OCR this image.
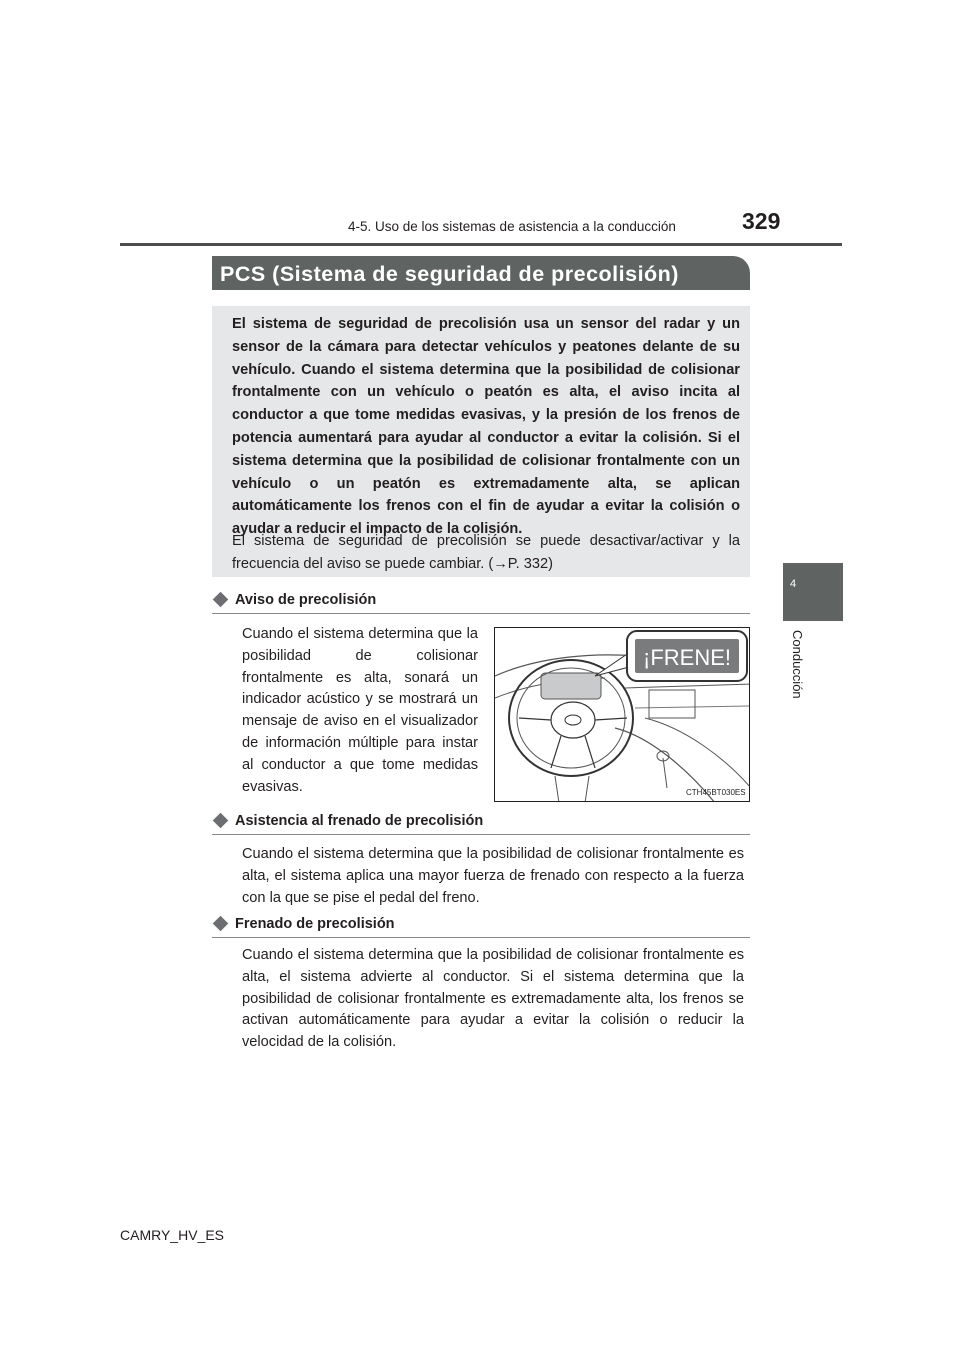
4-5. Uso de los sistemas de asistencia a la conducción	329
4
Conducción
PCS (Sistema de seguridad de precolisión)
El sistema de seguridad de precolisión usa un sensor del radar y un sensor de la cámara para detectar vehículos y peatones delante de su vehículo. Cuando el sistema determina que la posibilidad de colisionar frontalmente con un vehículo o peatón es alta, el aviso incita al conductor a que tome medidas evasivas, y la presión de los frenos de potencia aumentará para ayudar al conductor a evitar la colisión. Si el sistema determina que la posibilidad de colisionar frontalmente con un vehículo o un peatón es extremadamente alta, se aplican automáticamente los frenos con el fin de ayudar a evitar la colisión o ayudar a reducir el impacto de la colisión.
El sistema de seguridad de precolisión se puede desactivar/activar y la frecuencia del aviso se puede cambiar. (→P. 332)
Aviso de precolisión
Cuando el sistema determina que la posibilidad de colisionar frontalmente es alta, sonará un indicador acústico y se mostrará un mensaje de aviso en el visualizador de información múltiple para instar al conductor a que tome medidas evasivas.
¡FRENE!
CTH45BT030ES
Asistencia al frenado de precolisión
Cuando el sistema determina que la posibilidad de colisionar frontalmente es alta, el sistema aplica una mayor fuerza de frenado con respecto a la fuerza con la que se pise el pedal del freno.
Frenado de precolisión
Cuando el sistema determina que la posibilidad de colisionar frontalmente es alta, el sistema advierte al conductor. Si el sistema determina que la posibilidad de colisionar frontalmente es extremadamente alta, los frenos se activan automáticamente para ayudar a evitar la colisión o reducir la velocidad de la colisión.
CAMRY_HV_ES
